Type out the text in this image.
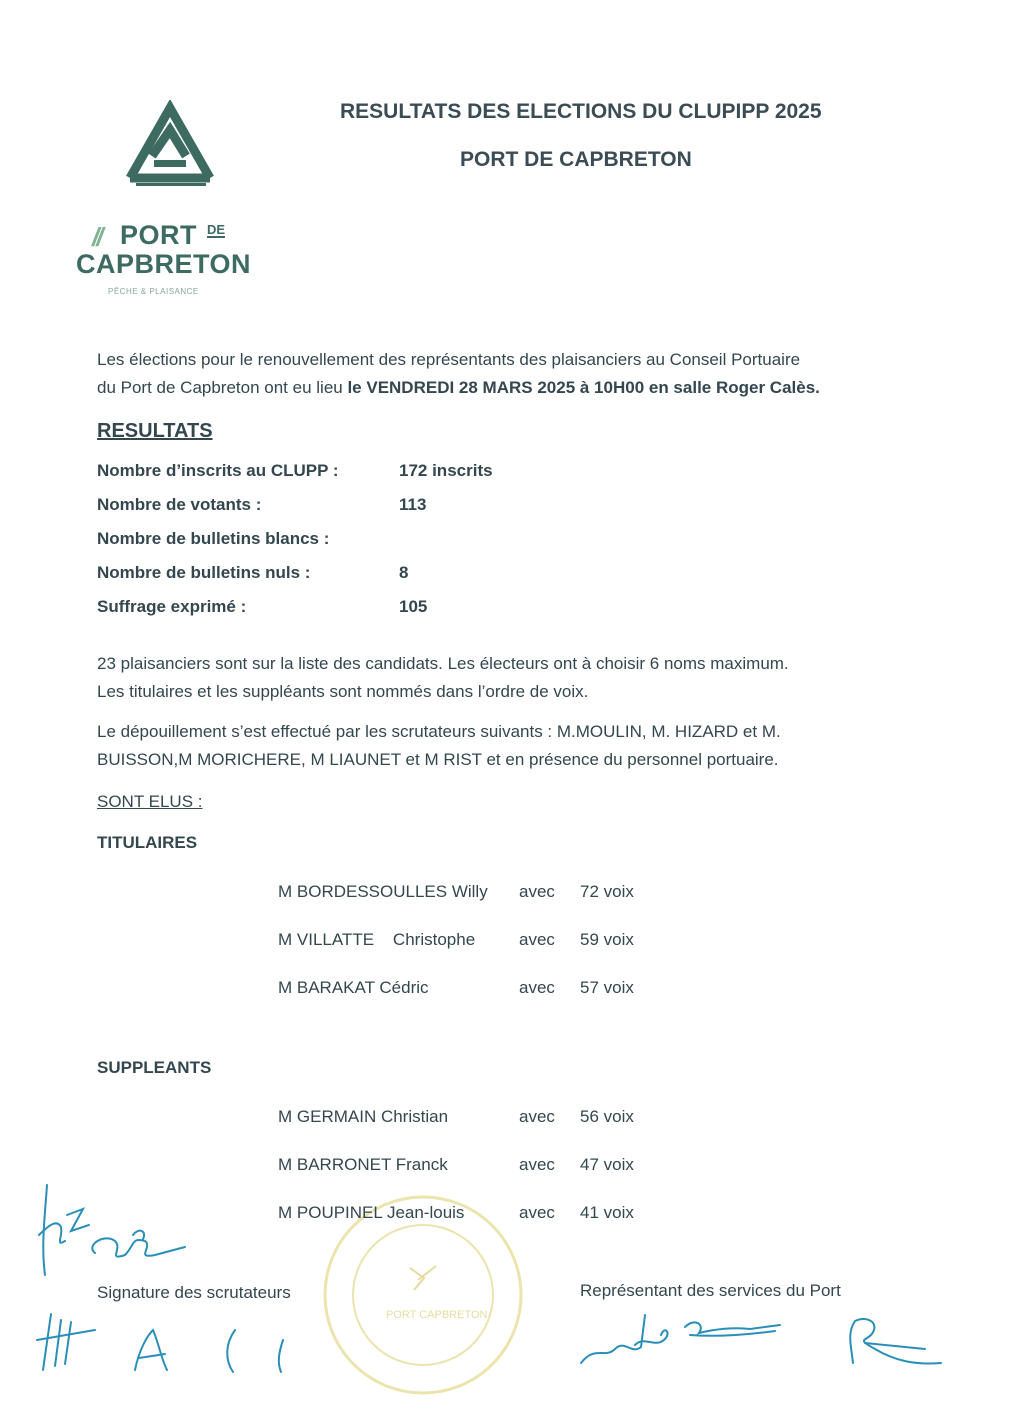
// PORT DE
CAPBRETON
PÊCHE & PLAISANCE
RESULTATS DES ELECTIONS DU CLUPIPP 2025
PORT DE CAPBRETON
Les élections pour le renouvellement des représentants des plaisanciers au Conseil Portuaire
du Port de Capbreton ont eu lieu le VENDREDI 28 MARS 2025 à 10H00 en salle Roger Calès.
RESULTATS
Nombre d’inscrits au CLUPP :	172 inscrits
Nombre de votants :	113
Nombre de bulletins blancs :
Nombre de bulletins nuls :	8
Suffrage exprimé :	105
23 plaisanciers sont sur la liste des candidats. Les électeurs ont à choisir 6 noms maximum.
Les titulaires et les suppléants sont nommés dans l’ordre de voix.
Le dépouillement s’est effectué par les scrutateurs suivants : M.MOULIN, M. HIZARD et M.
BUISSON,M MORICHERE, M LIAUNET et M RIST et en présence du personnel portuaire.
SONT ELUS :
TITULAIRES
M BORDESSOULLES Willy avec 72 voix
M VILLATTE    Christophe	avec 59 voix
M BARAKAT Cédric	avec 57 voix
SUPPLEANTS
M GERMAIN Christian	avec 56 voix
M BARRONET Franck	avec 47 voix
PORT CAPBRETON
M POUPINEL Jean-louis	avec 41 voix
Signature des scrutateurs	Représentant des services du Port
